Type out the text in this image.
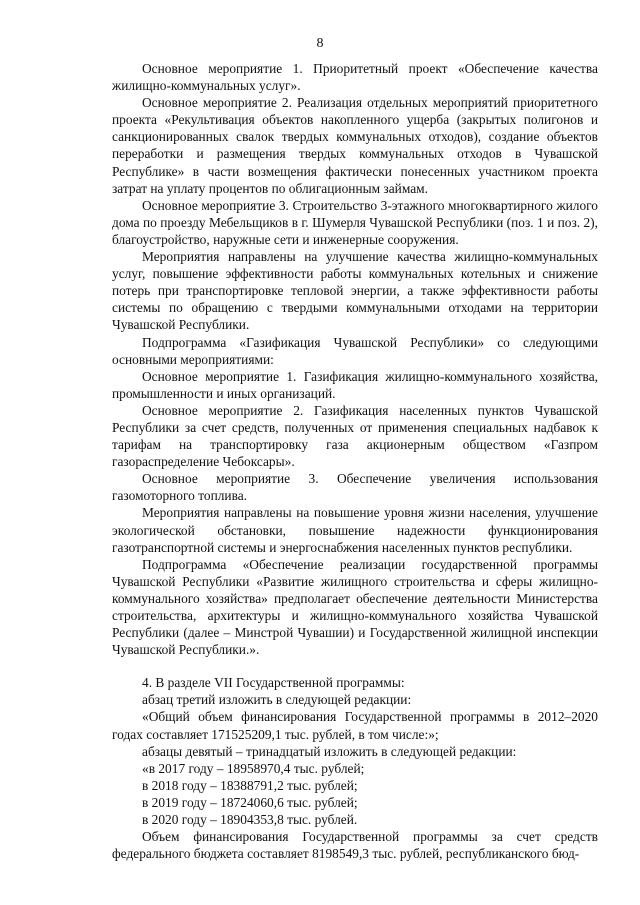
8

Основное мероприятие 1. Приоритетный проект «Обеспечение качества жилищно-коммунальных услуг».

Основное мероприятие 2. Реализация отдельных мероприятий приоритетного проекта «Рекультивация объектов накопленного ущерба (закрытых полигонов и санкционированных свалок твердых коммунальных отходов), создание объектов переработки и размещения твердых коммунальных отходов в Чувашской Республике» в части возмещения фактически понесенных участником проекта затрат на уплату процентов по облигационным займам.

Основное мероприятие 3. Строительство 3-этажного многоквартирного жилого дома по проезду Мебельщиков в г. Шумерля Чувашской Республики (поз. 1 и поз. 2), благоустройство, наружные сети и инженерные сооружения.

Мероприятия направлены на улучшение качества жилищно-коммунальных услуг, повышение эффективности работы коммунальных котельных и снижение потерь при транспортировке тепловой энергии, а также эффективности работы системы по обращению с твердыми коммунальными отходами на территории Чувашской Республики.

Подпрограмма «Газификация Чувашской Республики» со следующими основными мероприятиями:

Основное мероприятие 1. Газификация жилищно-коммунального хозяйства, промышленности и иных организаций.

Основное мероприятие 2. Газификация населенных пунктов Чувашской Республики за счет средств, полученных от применения специальных надбавок к тарифам на транспортировку газа акционерным обществом «Газпром газораспределение Чебоксары».

Основное мероприятие 3. Обеспечение увеличения использования газомоторного топлива.

Мероприятия направлены на повышение уровня жизни населения, улучшение экологической обстановки, повышение надежности функционирования газотранспортной системы и энергоснабжения населенных пунктов республики.

Подпрограмма «Обеспечение реализации государственной программы Чувашской Республики «Развитие жилищного строительства и сферы жилищно-коммунального хозяйства» предполагает обеспечение деятельности Министерства строительства, архитектуры и жилищно-коммунального хозяйства Чувашской Республики (далее – Минстрой Чувашии) и Государственной жилищной инспекции Чувашской Республики.».

4. В разделе VII Государственной программы:

абзац третий изложить в следующей редакции:

«Общий объем финансирования Государственной программы в 2012–2020 годах составляет 171525209,1 тыс. рублей, в том числе:»;

абзацы девятый – тринадцатый изложить в следующей редакции:

«в 2017 году – 18958970,4 тыс. рублей;

в 2018 году – 18388791,2 тыс. рублей;

в 2019 году – 18724060,6 тыс. рублей;

в 2020 году – 18904353,8 тыс. рублей.

Объем финансирования Государственной программы за счет средств федерального бюджета составляет 8198549,3 тыс. рублей, республиканского бюд-
